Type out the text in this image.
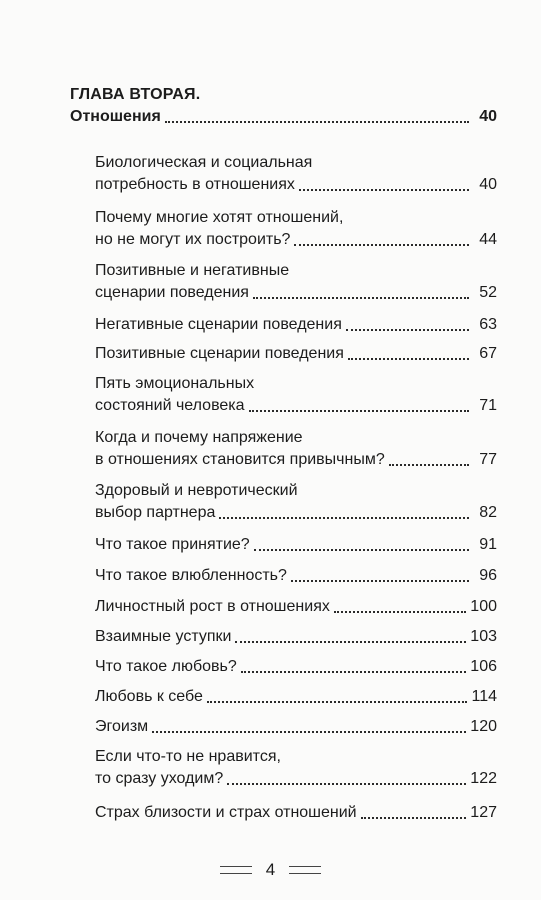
ГЛАВА ВТОРАЯ.
Отношения	40
Биологическая и социальная
потребность в отношениях	40
Почему многие хотят отношений,
но не могут их построить?	44
Позитивные и негативные
сценарии поведения	52
Негативные сценарии поведения	63
Позитивные сценарии поведения	67
Пять эмоциональных
состояний человека	71
Когда и почему напряжение
в отношениях становится привычным?	77
Здоровый и невротический
выбор партнера	82
Что такое принятие?	91
Что такое влюбленность?	96
Личностный рост в отношениях	100
Взаимные уступки	103
Что такое любовь?	106
Любовь к себе	114
Эгоизм	120
Если что-то не нравится,
то сразу уходим?	122
Страх близости и страх отношений	127
4
